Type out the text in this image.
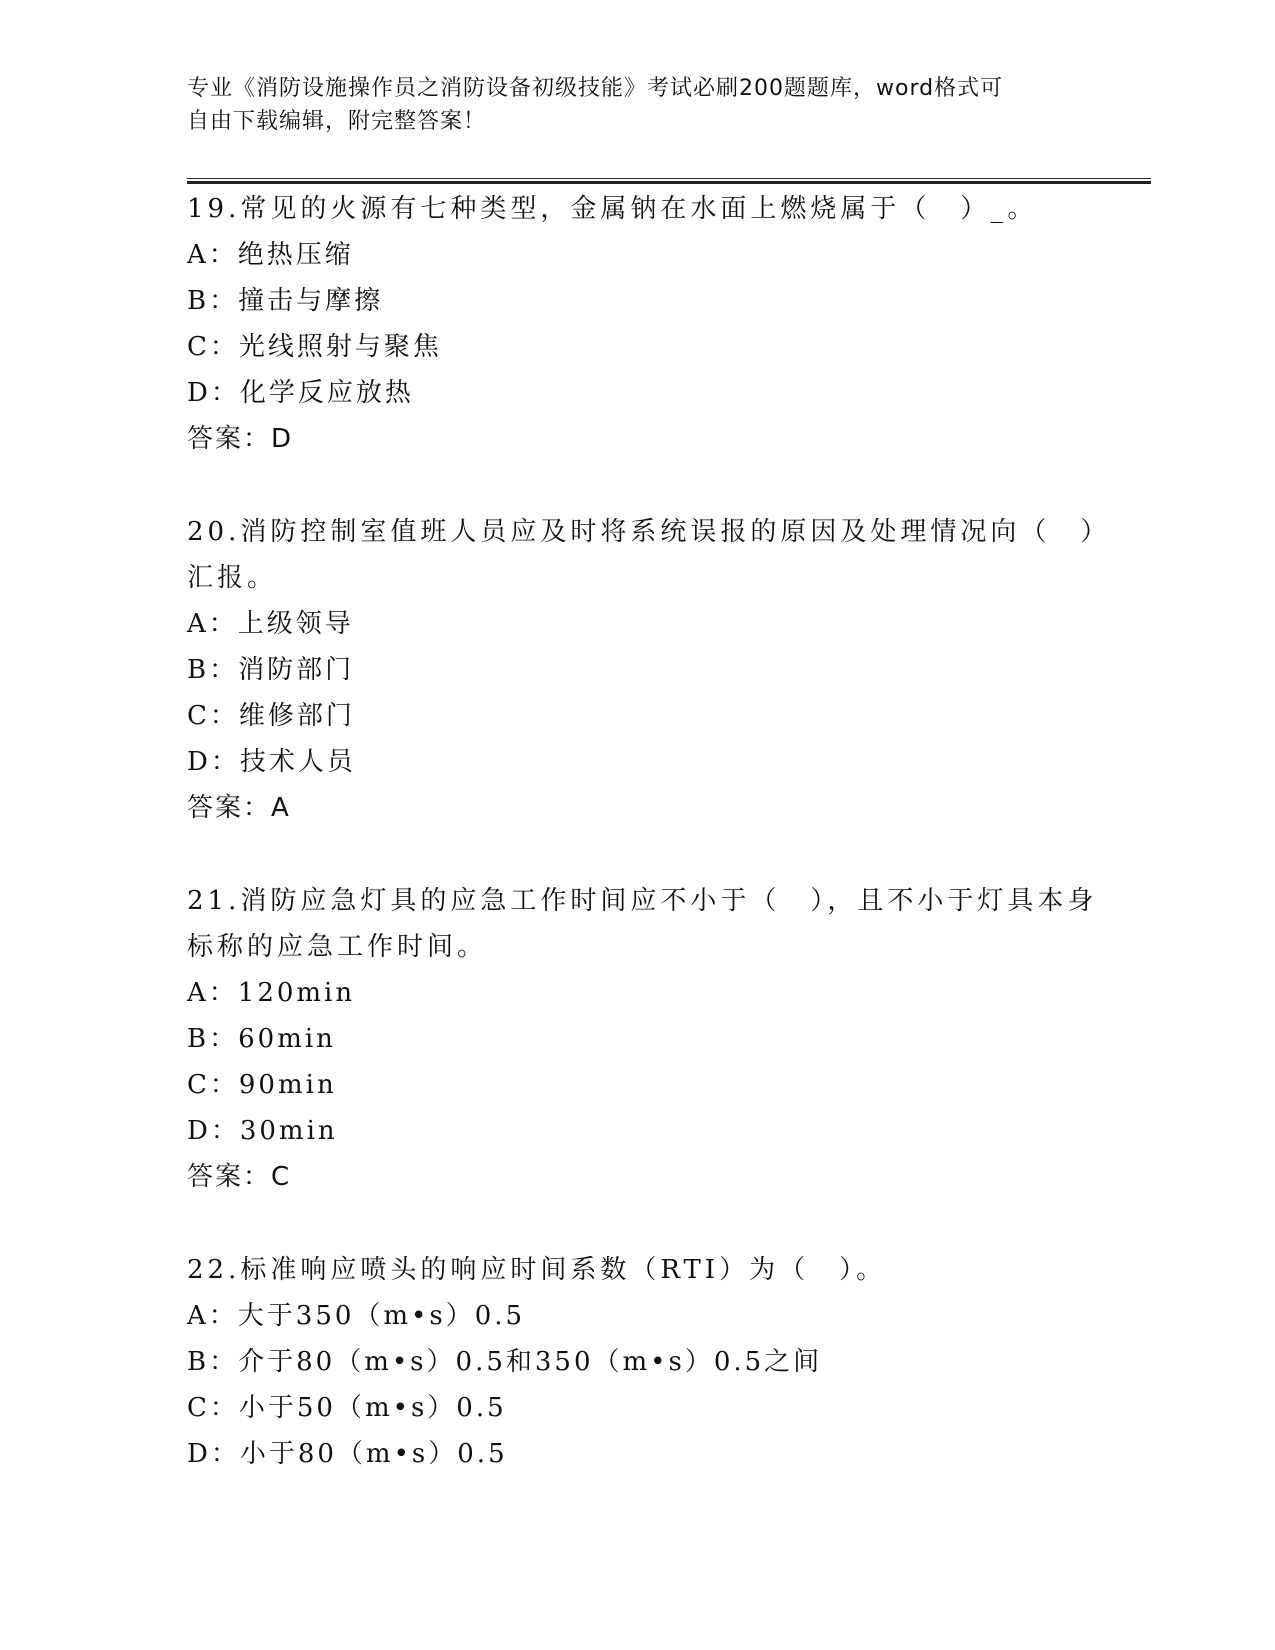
专业《消防设施操作员之消防设备初级技能》考试必刷200题题库，word格式可

自由下载编辑，附完整答案！

19.常见的火源有七种类型，金属钠在水面上燃烧属于（　）_。

A：绝热压缩

B：撞击与摩擦

C：光线照射与聚焦

D：化学反应放热

答案：D

20.消防控制室值班人员应及时将系统误报的原因及处理情况向（　）

汇报。

A：上级领导

B：消防部门

C：维修部门

D：技术人员

答案：A

21.消防应急灯具的应急工作时间应不小于（　），且不小于灯具本身

标称的应急工作时间。

A：120min

B：60min

C：90min

D：30min

答案：C

22.标准响应喷头的响应时间系数（RTI）为（　）。

A：大于350（m•s）0.5

B：介于80（m•s）0.5和350（m•s）0.5之间

C：小于50（m•s）0.5

D：小于80（m•s）0.5
